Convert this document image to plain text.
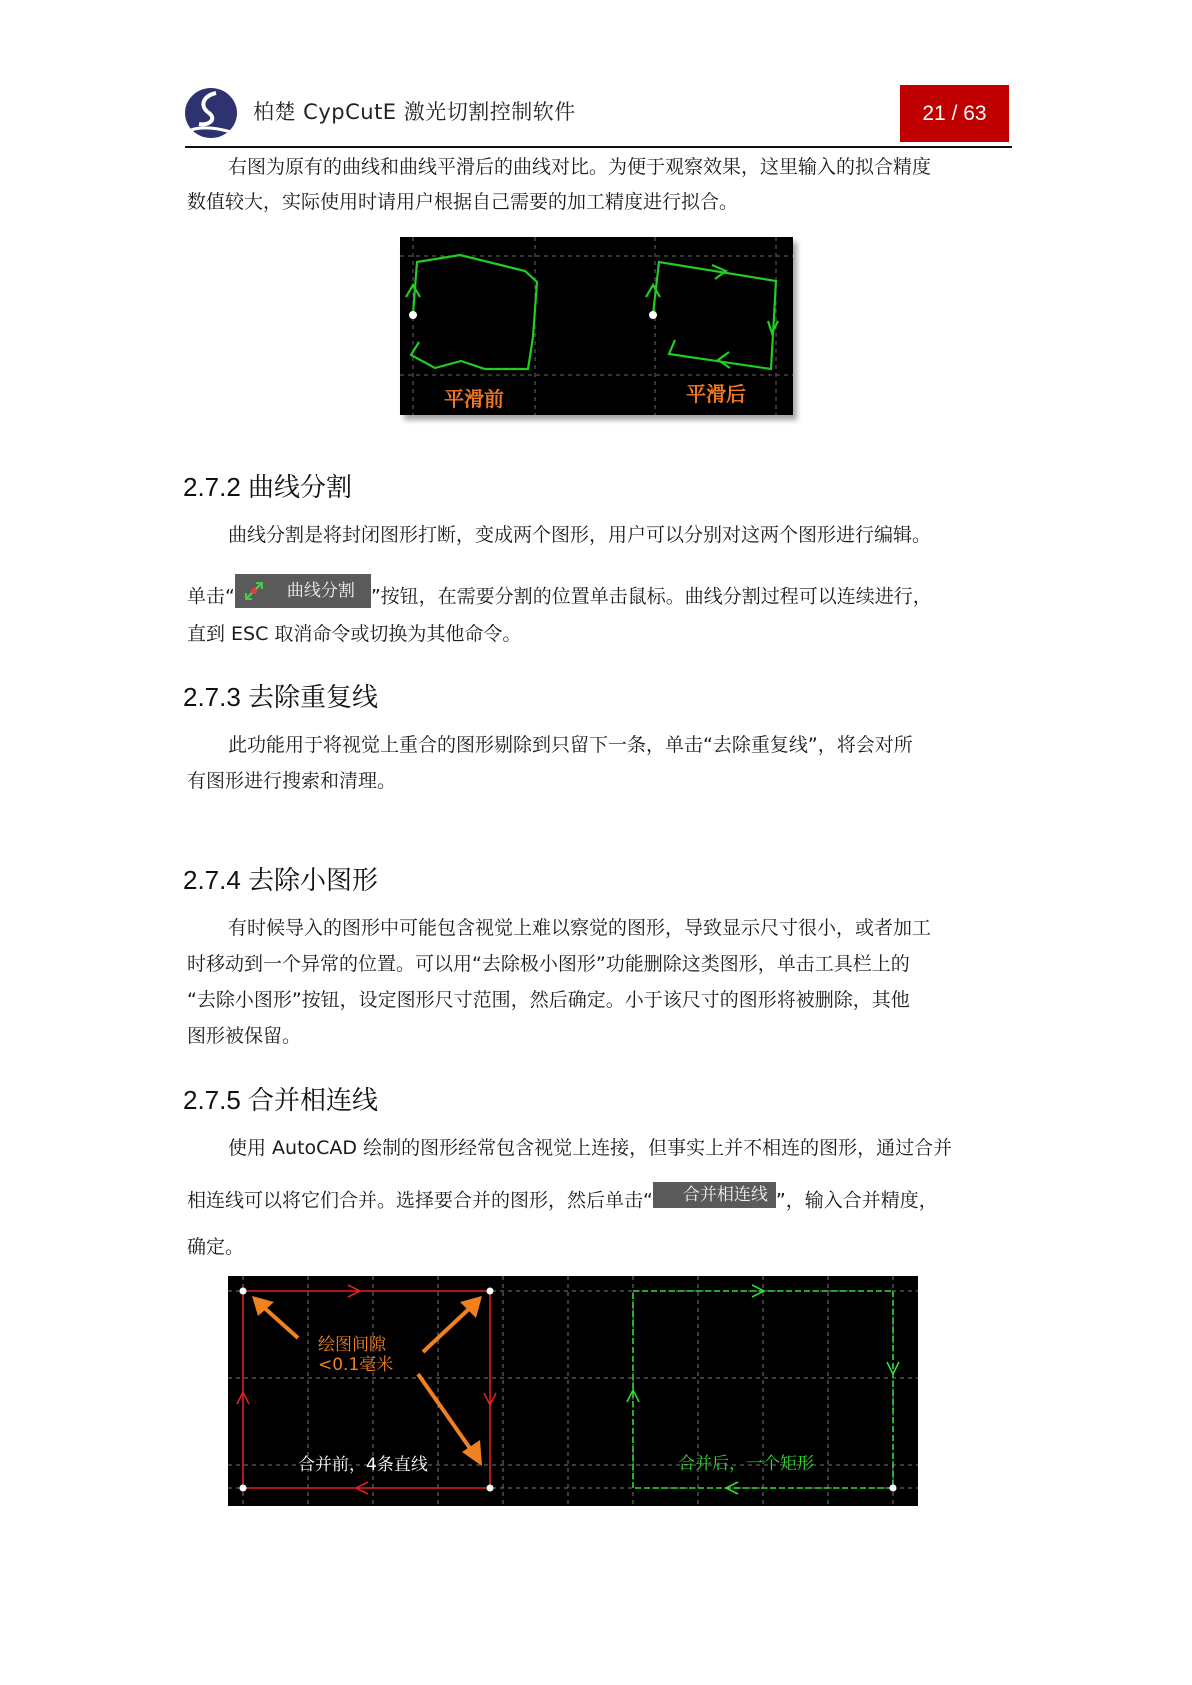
柏楚 CypCutE 激光切割控制软件	21 / 63
右图为原有的曲线和曲线平滑后的曲线对比。为便于观察效果，这里输入的拟合精度
数值较大，实际使用时请用户根据自己需要的加工精度进行拟合。
平滑前	平滑后
2.7.2 曲线分割
曲线分割是将封闭图形打断，变成两个图形，用户可以分别对这两个图形进行编辑。
单击“	曲线分割 ”按钮，在需要分割的位置单击鼠标。曲线分割过程可以连续进行，
直到 ESC 取消命令或切换为其他命令。
2.7.3 去除重复线
此功能用于将视觉上重合的图形剔除到只留下一条，单击“去除重复线”，将会对所
有图形进行搜索和清理。
2.7.4 去除小图形
有时候导入的图形中可能包含视觉上难以察觉的图形，导致显示尺寸很小，或者加工
时移动到一个异常的位置。可以用“去除极小图形”功能删除这类图形，单击工具栏上的
“去除小图形”按钮，设定图形尺寸范围，然后确定。小于该尺寸的图形将被删除，其他
图形被保留。
2.7.5 合并相连线
使用 AutoCAD 绘制的图形经常包含视觉上连接，但事实上并不相连的图形，通过合并
相连线可以将它们合并。选择要合并的图形，然后单击“ 合并相连线 ”，输入合并精度，
确定。
绘图间隙
<0.1毫米
合并前，4条直线	合并后，一个矩形
